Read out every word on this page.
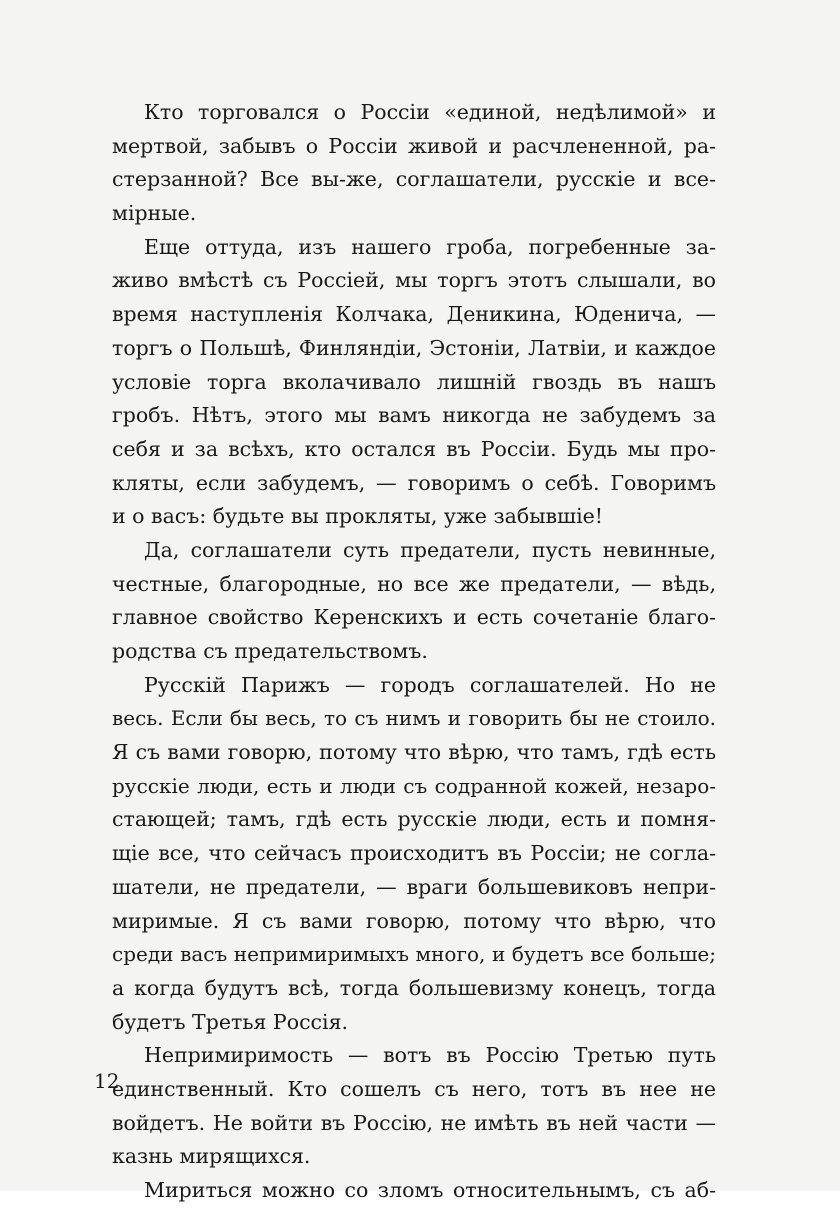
Кто торговался о Россіи «единой, недѣлимой» и
мертвой, забывъ о Россіи живой и расчлененной, ра-
стерзанной? Все вы-же, соглашатели, русскіе и все-
мірные.
Еще оттуда, изъ нашего гроба, погребенные за-
живо вмѣстѣ съ Россіей, мы торгъ этотъ слышали, во
время наступленія Колчака, Деникина, Юденича, —
торгъ о Польшѣ, Финляндіи, Эстоніи, Латвіи, и каждое
условіе торга вколачивало лишній гвоздь въ нашъ
гробъ. Нѣтъ, этого мы вамъ никогда не забудемъ за
себя и за всѣхъ, кто остался въ Россіи. Будь мы про-
кляты, если забудемъ, — говоримъ о себѣ. Говоримъ
и о васъ: будьте вы прокляты, уже забывшіе!
Да, соглашатели суть предатели, пусть невинные,
честные, благородные, но все же предатели, — вѣдь,
главное свойство Керенскихъ и есть сочетаніе благо-
родства съ предательствомъ.
Русскій Парижъ — городъ соглашателей. Но не
весь. Если бы весь, то съ нимъ и говорить бы не стоило.
Я съ вами говорю, потому что вѣрю, что тамъ, гдѣ есть
русскіе люди, есть и люди съ содранной кожей, незаро-
стающей; тамъ, гдѣ есть русскіе люди, есть и помня-
щіе все, что сейчасъ происходитъ въ Россіи; не согла-
шатели, не предатели, — враги большевиковъ непри-
миримые. Я съ вами говорю, потому что вѣрю, что
среди васъ непримиримыхъ много, и будетъ все больше;
а когда будутъ всѣ, тогда большевизму конецъ, тогда
будетъ Третья Россія.
Непримиримость — вотъ въ Россію Третью путь
единственный. Кто сошелъ съ него, тотъ въ нее не
войдетъ. Не войти въ Россію, не имѣть въ ней части —
казнь мирящихся.
Мириться можно со зломъ относительнымъ, съ аб-
12
